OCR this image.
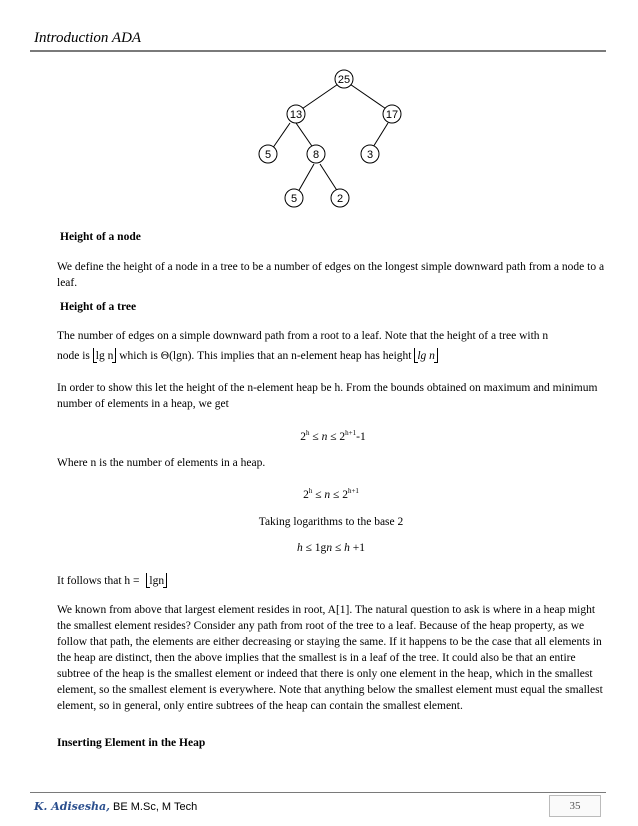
Introduction ADA
25
13	17
5	8	3
5	2
Height of a node
We define the height of a node in a tree to be a number of edges on the longest simple downward path from a node to a leaf.
Height of a tree
The number of edges on a simple downward path from a root to a leaf. Note that the height of a tree with n
node is lg n which is Θ(lgn). This implies that an n-element heap has height lg n
In order to show this let the height of the n-element heap be h. From the bounds obtained on maximum and minimum number of elements in a heap, we get
$2^h \le n \le 2^{h+1}-1$
Where n is the number of elements in a heap.
$2^h \le n \le 2^{h+1}$
Taking logarithms to the base 2
h ≤ 1gn ≤ h +1
It follows that h = lgn
We known from above that largest element resides in root, A[1]. The natural question to ask is where in a heap might the smallest element resides? Consider any path from root of the tree to a leaf. Because of the heap property, as we follow that path, the elements are either decreasing or staying the same. If it happens to be the case that all elements in the heap are distinct, then the above implies that the smallest is in a leaf of the tree. It could also be that an entire subtree of the heap is the smallest element or indeed that there is only one element in the heap, which in the smallest element, so the smallest element is everywhere. Note that anything below the smallest element must equal the smallest element, so in general, only entire subtrees of the heap can contain the smallest element.
Inserting Element in the Heap
K. Adisesha, BE M.Sc, M Tech	35
